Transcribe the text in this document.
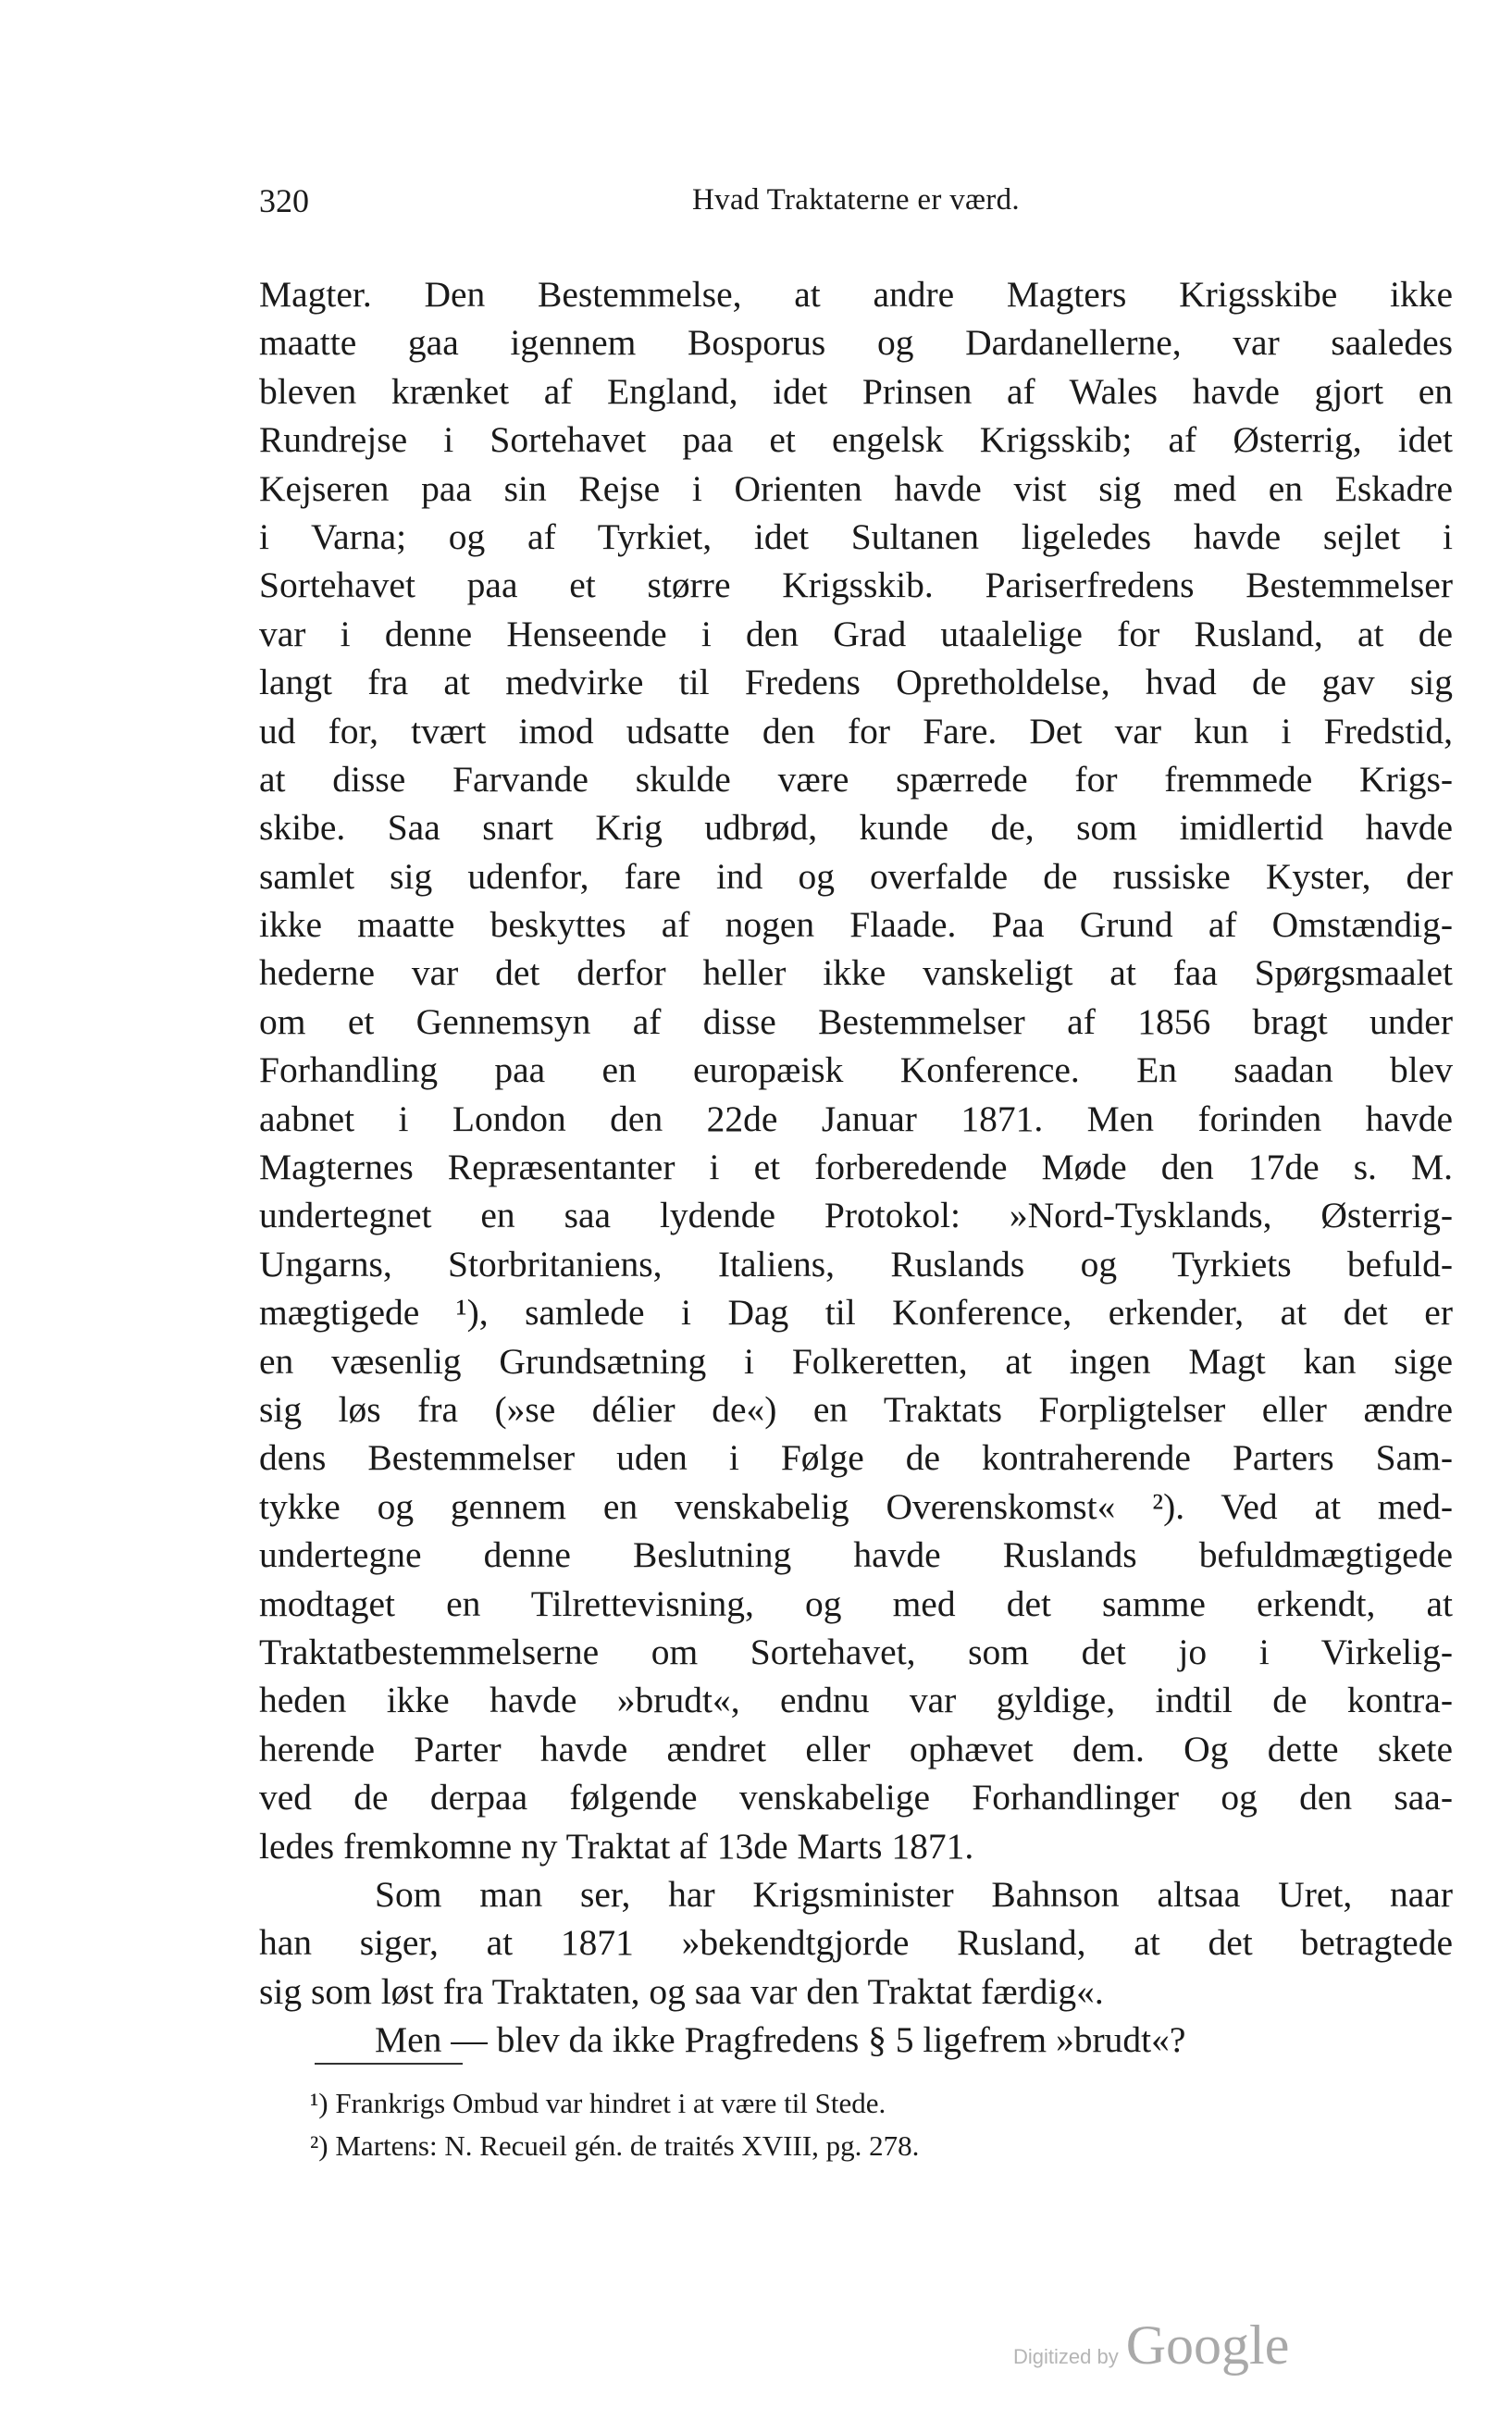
320	Hvad Traktaterne er værd.
Magter. Den Bestemmelse, at andre Magters Krigsskibe ikke
maatte gaa igennem Bosporus og Dardanellerne, var saaledes
bleven krænket af England, idet Prinsen af Wales havde gjort en
Rundrejse i Sortehavet paa et engelsk Krigsskib; af Østerrig, idet
Kejseren paa sin Rejse i Orienten havde vist sig med en Eskadre
i Varna; og af Tyrkiet, idet Sultanen ligeledes havde sejlet i
Sortehavet paa et større Krigsskib. Pariserfredens Bestemmelser
var i denne Henseende i den Grad utaalelige for Rusland, at de
langt fra at medvirke til Fredens Opretholdelse, hvad de gav sig
ud for, tvært imod udsatte den for Fare. Det var kun i Fredstid,
at disse Farvande skulde være spærrede for fremmede Krigs-
skibe. Saa snart Krig udbrød, kunde de, som imidlertid havde
samlet sig udenfor, fare ind og overfalde de russiske Kyster, der
ikke maatte beskyttes af nogen Flaade. Paa Grund af Omstændig-
hederne var det derfor heller ikke vanskeligt at faa Spørgsmaalet
om et Gennemsyn af disse Bestemmelser af 1856 bragt under
Forhandling paa en europæisk Konference. En saadan blev
aabnet i London den 22de Januar 1871. Men forinden havde
Magternes Repræsentanter i et forberedende Møde den 17de s. M.
undertegnet en saa lydende Protokol: »Nord-Tysklands, Østerrig-
Ungarns, Storbritaniens, Italiens, Ruslands og Tyrkiets befuld-
mægtigede ¹), samlede i Dag til Konference, erkender, at det er
en væsenlig Grundsætning i Folkeretten, at ingen Magt kan sige
sig løs fra (»se délier de«) en Traktats Forpligtelser eller ændre
dens Bestemmelser uden i Følge de kontraherende Parters Sam-
tykke og gennem en venskabelig Overenskomst« ²). Ved at med-
undertegne denne Beslutning havde Ruslands befuldmægtigede
modtaget en Tilrettevisning, og med det samme erkendt, at
Traktatbestemmelserne om Sortehavet, som det jo i Virkelig-
heden ikke havde »brudt«, endnu var gyldige, indtil de kontra-
herende Parter havde ændret eller ophævet dem. Og dette skete
ved de derpaa følgende venskabelige Forhandlinger og den saa-
ledes fremkomne ny Traktat af 13de Marts 1871.
Som man ser, har Krigsminister Bahnson altsaa Uret, naar
han siger, at 1871 »bekendtgjorde Rusland, at det betragtede
sig som løst fra Traktaten, og saa var den Traktat færdig«.
Men — blev da ikke Pragfredens § 5 ligefrem »brudt«?
¹) Frankrigs Ombud var hindret i at være til Stede.
²) Martens: N. Recueil gén. de traités XVIII, pg. 278.
Digitized by Google
